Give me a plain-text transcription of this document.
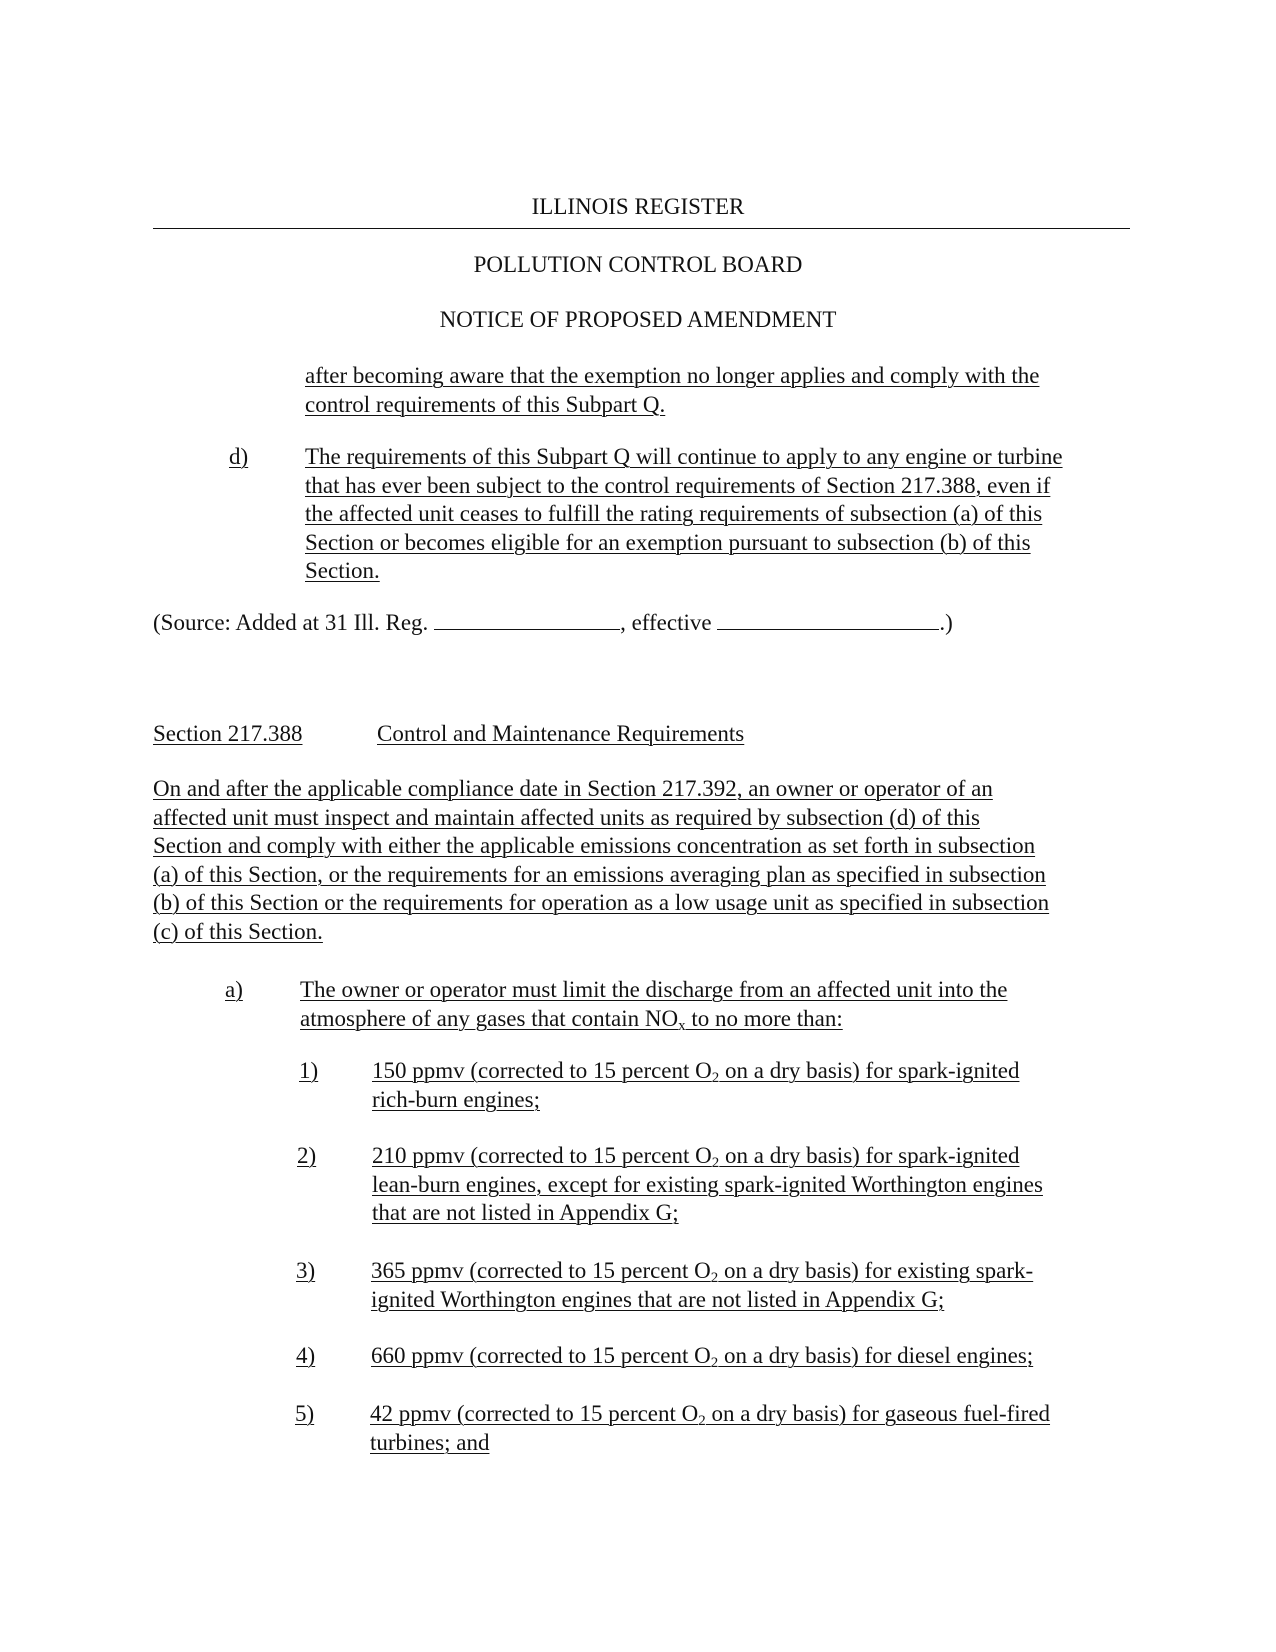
ILLINOIS REGISTER
POLLUTION CONTROL BOARD
NOTICE OF PROPOSED AMENDMENT
after becoming aware that the exemption no longer applies and comply with the
control requirements of this Subpart Q.
d)	The requirements of this Subpart Q will continue to apply to any engine or turbine
that has ever been subject to the control requirements of Section 217.388, even if
the affected unit ceases to fulfill the rating requirements of subsection (a) of this
Section or becomes eligible for an exemption pursuant to subsection (b) of this
Section.
(Source: Added at 31 Ill. Reg.	, effective	.)
Section 217.388	Control and Maintenance Requirements
On and after the applicable compliance date in Section 217.392, an owner or operator of an
affected unit must inspect and maintain affected units as required by subsection (d) of this
Section and comply with either the applicable emissions concentration as set forth in subsection
(a) of this Section, or the requirements for an emissions averaging plan as specified in subsection
(b) of this Section or the requirements for operation as a low usage unit as specified in subsection
(c) of this Section.
a)	The owner or operator must limit the discharge from an affected unit into the
atmosphere of any gases that contain $NO_x$ to no more than:
1)	150 ppmv (corrected to 15 percent $O_2$ on a dry basis) for spark-ignited
rich-burn engines;
2)	210 ppmv (corrected to 15 percent $O_2$ on a dry basis) for spark-ignited
lean-burn engines, except for existing spark-ignited Worthington engines
that are not listed in Appendix G;
3)	365 ppmv (corrected to 15 percent $O_2$ on a dry basis) for existing spark-
ignited Worthington engines that are not listed in Appendix G;
4)	660 ppmv (corrected to 15 percent $O_2$ on a dry basis) for diesel engines;
5)	42 ppmv (corrected to 15 percent $O_2$ on a dry basis) for gaseous fuel-fired
turbines; and
